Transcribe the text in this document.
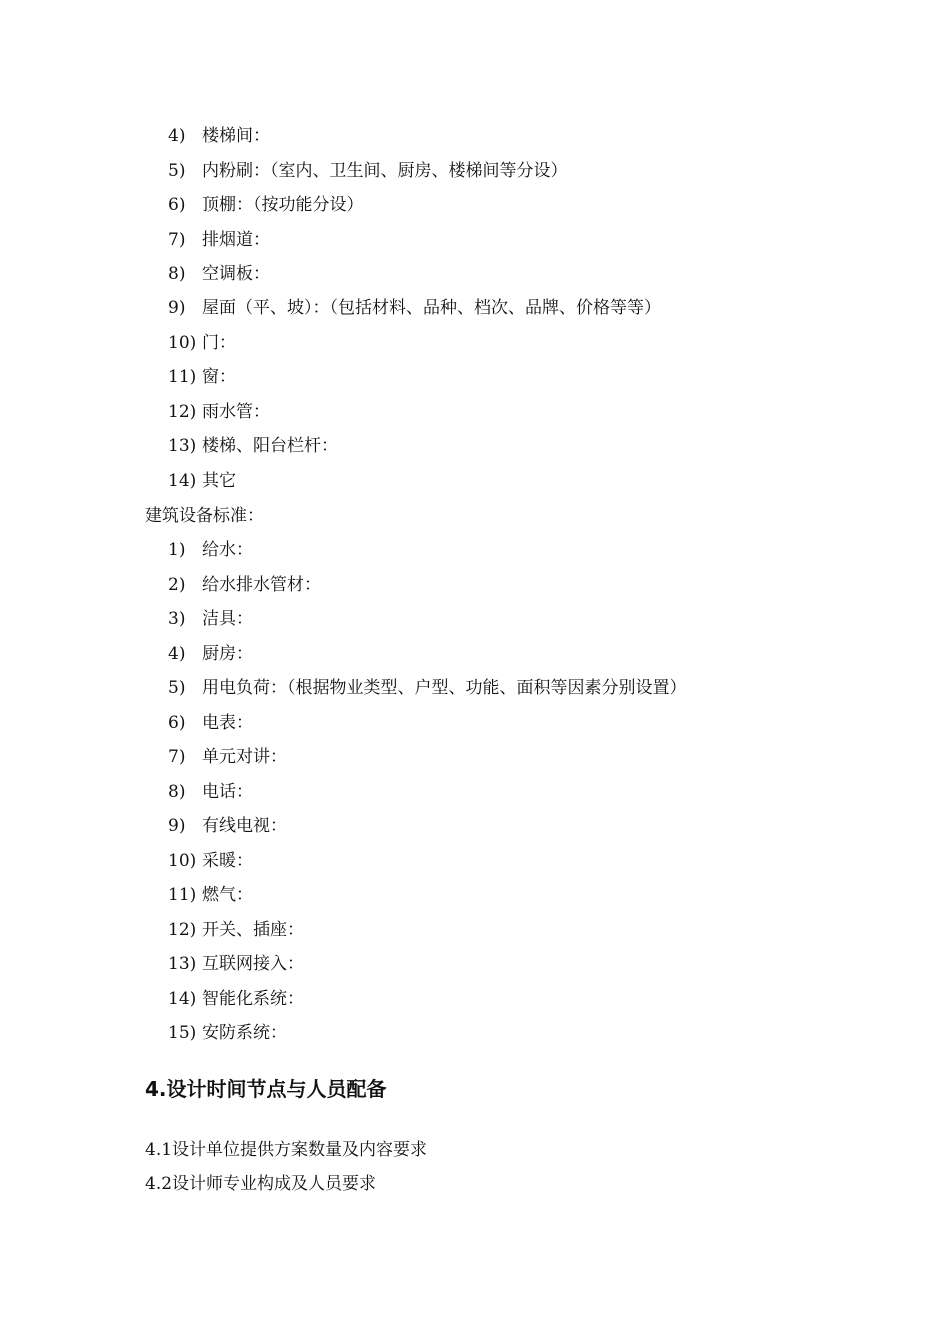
4) 楼梯间：
5) 内粉刷：（室内、卫生间、厨房、楼梯间等分设）
6) 顶棚：（按功能分设）
7) 排烟道：
8) 空调板：
9) 屋面（平、坡）：（包括材料、品种、档次、品牌、价格等等）
10) 门：
11) 窗：
12) 雨水管：
13) 楼梯、阳台栏杆：
14) 其它
建筑设备标准：
1) 给水：
2) 给水排水管材：
3) 洁具：
4) 厨房：
5) 用电负荷：（根据物业类型、户型、功能、面积等因素分别设置）
6) 电表：
7) 单元对讲：
8) 电话：
9) 有线电视：
10) 采暖：
11) 燃气：
12) 开关、插座：
13) 互联网接入：
14) 智能化系统：
15) 安防系统：
4.设计时间节点与人员配备
4.1设计单位提供方案数量及内容要求
4.2设计师专业构成及人员要求
